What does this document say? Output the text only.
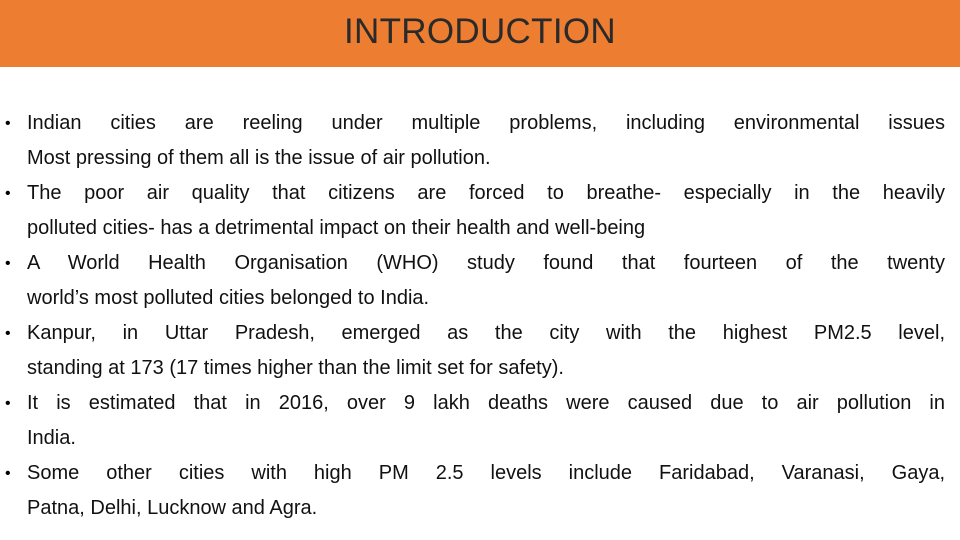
INTRODUCTION
• Indian cities are reeling under multiple problems, including environmental issues
Most pressing of them all is the issue of air pollution.
• The poor air quality that citizens are forced to breathe- especially in the heavily
polluted cities- has a detrimental impact on their health and well-being
• A World Health Organisation (WHO) study found that fourteen of the twenty
world’s most polluted cities belonged to India.
• Kanpur, in Uttar Pradesh, emerged as the city with the highest PM2.5 level,
standing at 173 (17 times higher than the limit set for safety).
• It is estimated that in 2016, over 9 lakh deaths were caused due to air pollution in
India.
• Some other cities with high PM 2.5 levels include Faridabad, Varanasi, Gaya,
Patna, Delhi, Lucknow and Agra.
